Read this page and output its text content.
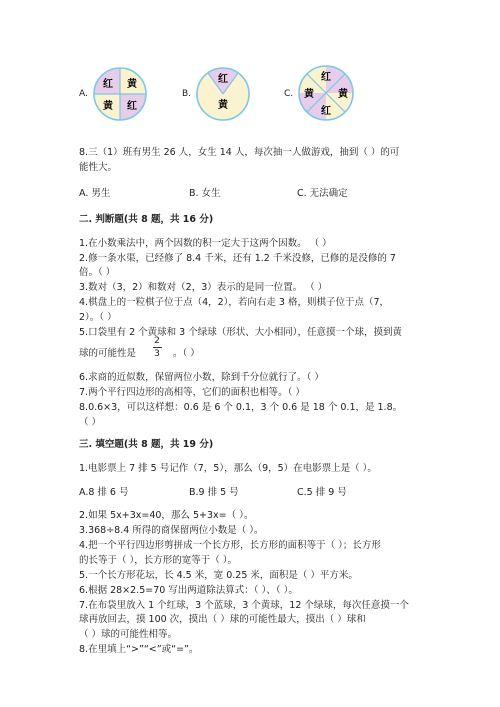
A.
红 黄
黄 红
B.
红
黄
C.
红
黄
红
黄
8.三（1）班有男生 26 人，女生 14 人，每次抽一人做游戏，抽到（ ）的可
能性大。
A. 男生	B. 女生	C. 无法确定
二. 判断题(共 8 题，共 16 分)
1.在小数乘法中，两个因数的积一定大于这两个因数。 （ ）
2.修一条水渠，已经修了 8.4 千米，还有 1.2 千米没修，已修的是没修的 7
倍。（ ）
3.数对（3，2）和数对（2，3）表示的是同一位置。 （ ）
4.棋盘上的一粒棋子位于点（4，2），若向右走 3 格，则棋子位于点（7，
2）。（ ）
5.口袋里有 2 个黄球和 3 个绿球（形状、大小相同），任意摸一个球，摸到黄
球的可能性是
2
3	。（ ）
6.求商的近似数，保留两位小数，除到千分位就行了。（ ）
7.两个平行四边形的高相等，它们的面积也相等。（ ）
8.0.6×3，可以这样想：0.6 是 6 个 0.1，3 个 0.6 是 18 个 0.1，是 1.8。
（ ）
三. 填空题(共 8 题，共 19 分)
1.电影票上 7 排 5 号记作（7，5），那么（9，5）在电影票上是（ ）。
A.8 排 6 号	B.9 排 5 号	C.5 排 9 号
2.如果 5x+3x=40，那么 5+3x=（ ）。
3.368÷8.4 所得的商保留两位小数是（ ）。
4.把一个平行四边形剪拼成一个长方形，长方形的面积等于（ ）；长方形
的长等于（ ），长方形的宽等于（ ）。
5.一个长方形花坛，长 4.5 米，宽 0.25 米，面积是（ ）平方米。
6.根据 28×2.5=70 写出两道除法算式：（ ）、（ ）。
7.在布袋里放入 1 个红球，3 个蓝球，3 个黄球，12 个绿球，每次任意摸一个
球再放回去，摸 100 次，摸出（ ）球的可能性最大，摸出（ ）球和
（ ）球的可能性相等。
8.在里填上“>”“<”或“=”。
